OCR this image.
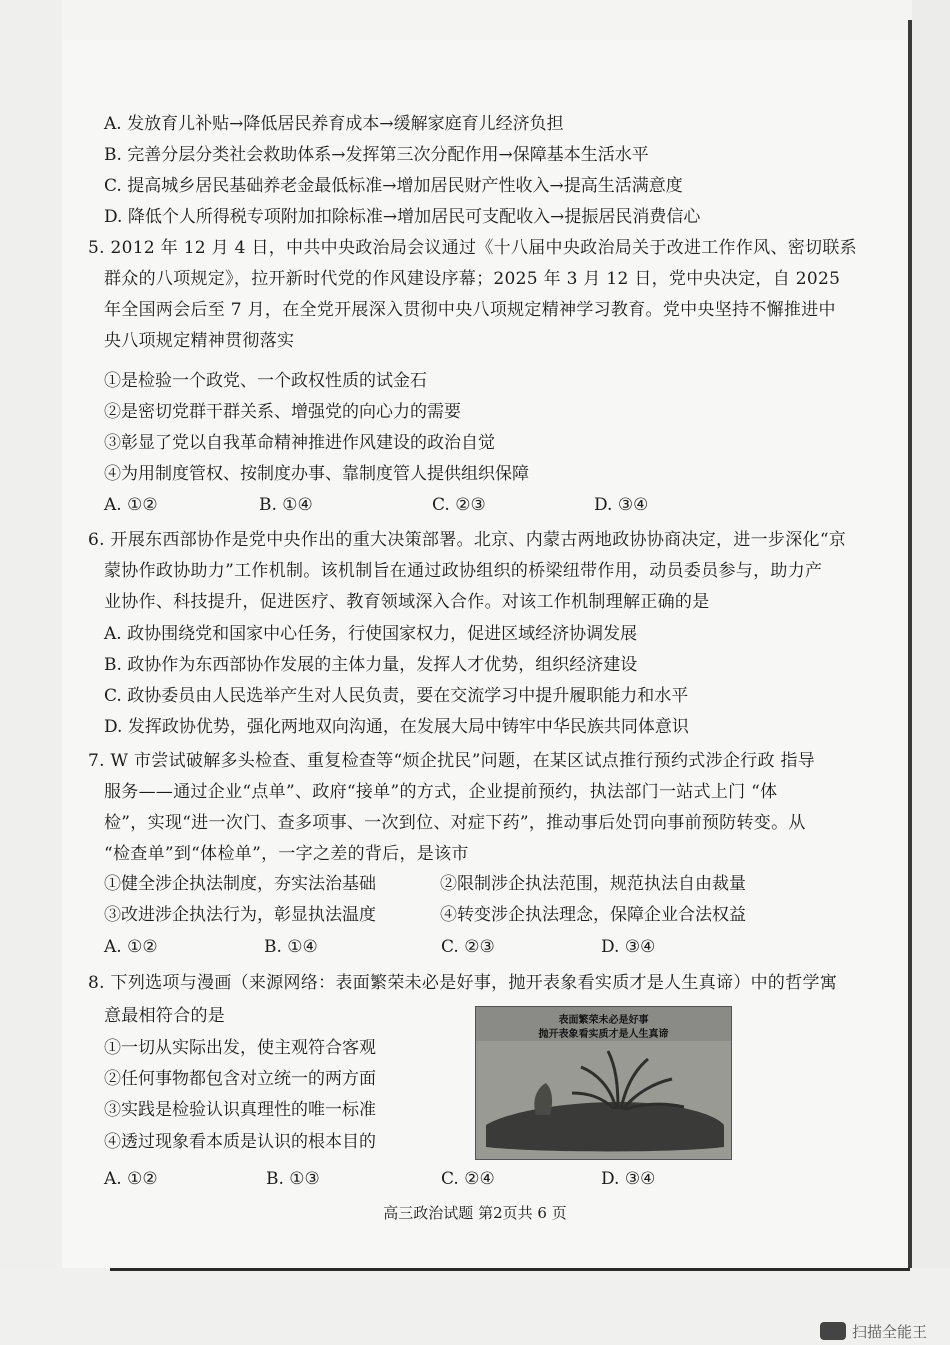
A. 发放育儿补贴→降低居民养育成本→缓解家庭育儿经济负担
B. 完善分层分类社会救助体系→发挥第三次分配作用→保障基本生活水平
C. 提高城乡居民基础养老金最低标准→增加居民财产性收入→提高生活满意度
D. 降低个人所得税专项附加扣除标准→增加居民可支配收入→提振居民消费信心
5. 2012 年 12 月 4 日，中共中央政治局会议通过《十八届中央政治局关于改进工作作风、密切联系
群众的八项规定》，拉开新时代党的作风建设序幕；2025 年 3 月 12 日，党中央决定，自 2025
年全国两会后至 7 月，在全党开展深入贯彻中央八项规定精神学习教育。党中央坚持不懈推进中
央八项规定精神贯彻落实
①是检验一个政党、一个政权性质的试金石
②是密切党群干群关系、增强党的向心力的需要
③彰显了党以自我革命精神推进作风建设的政治自觉
④为用制度管权、按制度办事、靠制度管人提供组织保障
A. ①②	B. ①④	C. ②③	D. ③④
6. 开展东西部协作是党中央作出的重大决策部署。北京、内蒙古两地政协协商决定，进一步深化“京
蒙协作政协助力”工作机制。该机制旨在通过政协组织的桥梁纽带作用，动员委员参与，助力产
业协作、科技提升，促进医疗、教育领域深入合作。对该工作机制理解正确的是
A. 政协围绕党和国家中心任务，行使国家权力，促进区域经济协调发展
B. 政协作为东西部协作发展的主体力量，发挥人才优势，组织经济建设
C. 政协委员由人民选举产生对人民负责，要在交流学习中提升履职能力和水平
D. 发挥政协优势，强化两地双向沟通，在发展大局中铸牢中华民族共同体意识
7. W 市尝试破解多头检查、重复检查等“烦企扰民”问题，在某区试点推行预约式涉企行政 指导
服务——通过企业“点单”、政府“接单”的方式，企业提前预约，执法部门一站式上门 “体
检”，实现“进一次门、查多项事、一次到位、对症下药”，推动事后处罚向事前预防转变。从
“检查单”到“体检单”，一字之差的背后，是该市
①健全涉企执法制度，夯实法治基础	②限制涉企执法范围，规范执法自由裁量
③改进涉企执法行为，彰显执法温度	④转变涉企执法理念，保障企业合法权益
A. ①②	B. ①④	C. ②③	D. ③④
8. 下列选项与漫画（来源网络：表面繁荣未必是好事，抛开表象看实质才是人生真谛）中的哲学寓
意最相符合的是
①一切从实际出发，使主观符合客观
②任何事物都包含对立统一的两方面
③实践是检验认识真理性的唯一标准
④透过现象看本质是认识的根本目的
A. ①②	B. ①③	C. ②④	D. ③④
表面繁荣未必是好事
抛开表象看实质才是人生真谛
高三政治试题 第2页共 6 页
扫描全能王
